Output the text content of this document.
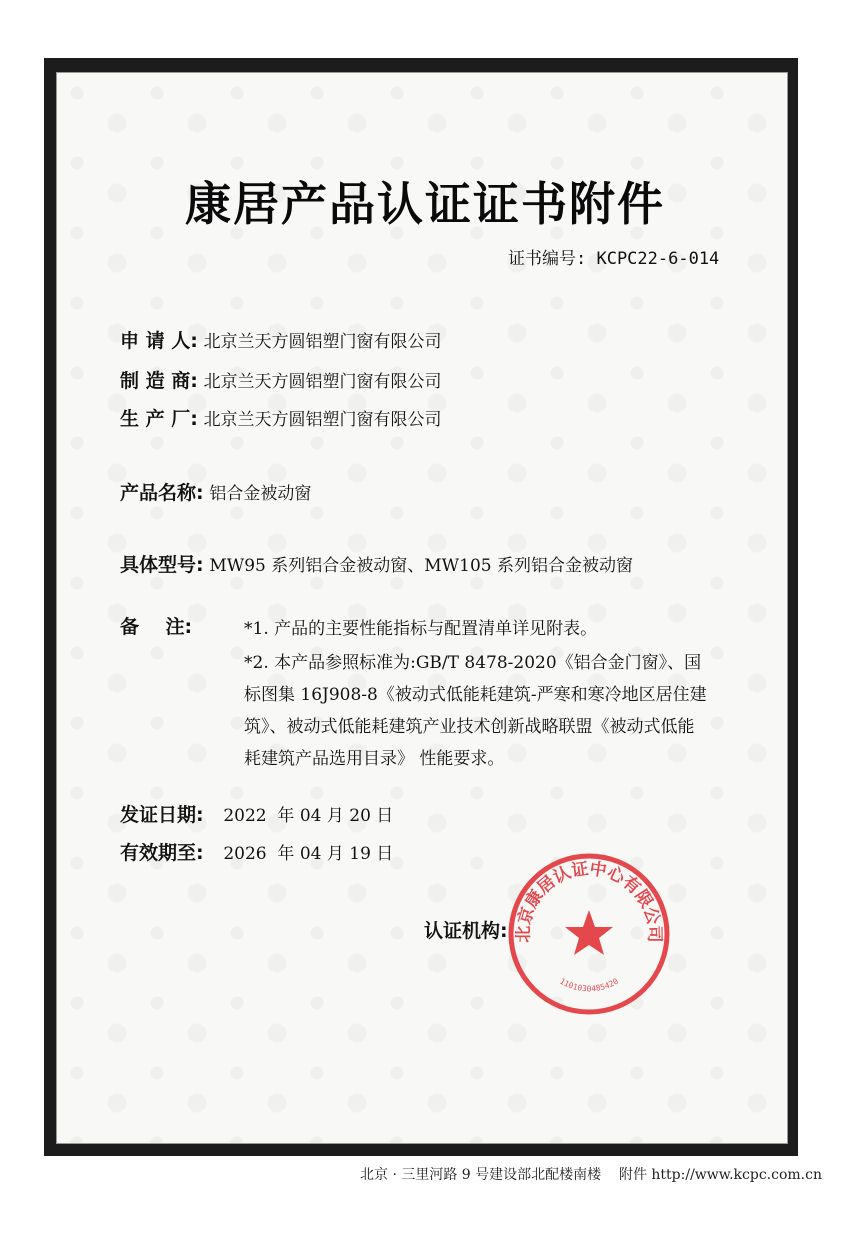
康居产品认证证书附件
证书编号: KCPC22-6-014
申 请 人: 北京兰天方圆铝塑门窗有限公司
制 造 商: 北京兰天方圆铝塑门窗有限公司
生 产 厂: 北京兰天方圆铝塑门窗有限公司
产品名称: 铝合金被动窗
具体型号: MW95 系列铝合金被动窗、MW105 系列铝合金被动窗
备    注:	*1. 产品的主要性能指标与配置清单详见附表。
*2. 本产品参照标准为:GB/T 8478-2020《铝合金门窗》、国
标图集 16J908-8《被动式低能耗建筑-严寒和寒冷地区居住建
筑》、被动式低能耗建筑产业技术创新战略联盟《被动式低能
耗建筑产品选用目录》 性能要求。
发证日期: 2022  年 04 月 20 日
有效期至: 2026  年 04 月 19 日
认证机构: 北京康居认证中心有限公司
1101030485420
北京 · 三里河路 9 号建设部北配楼南楼    附件 http://www.kcpc.com.cn
